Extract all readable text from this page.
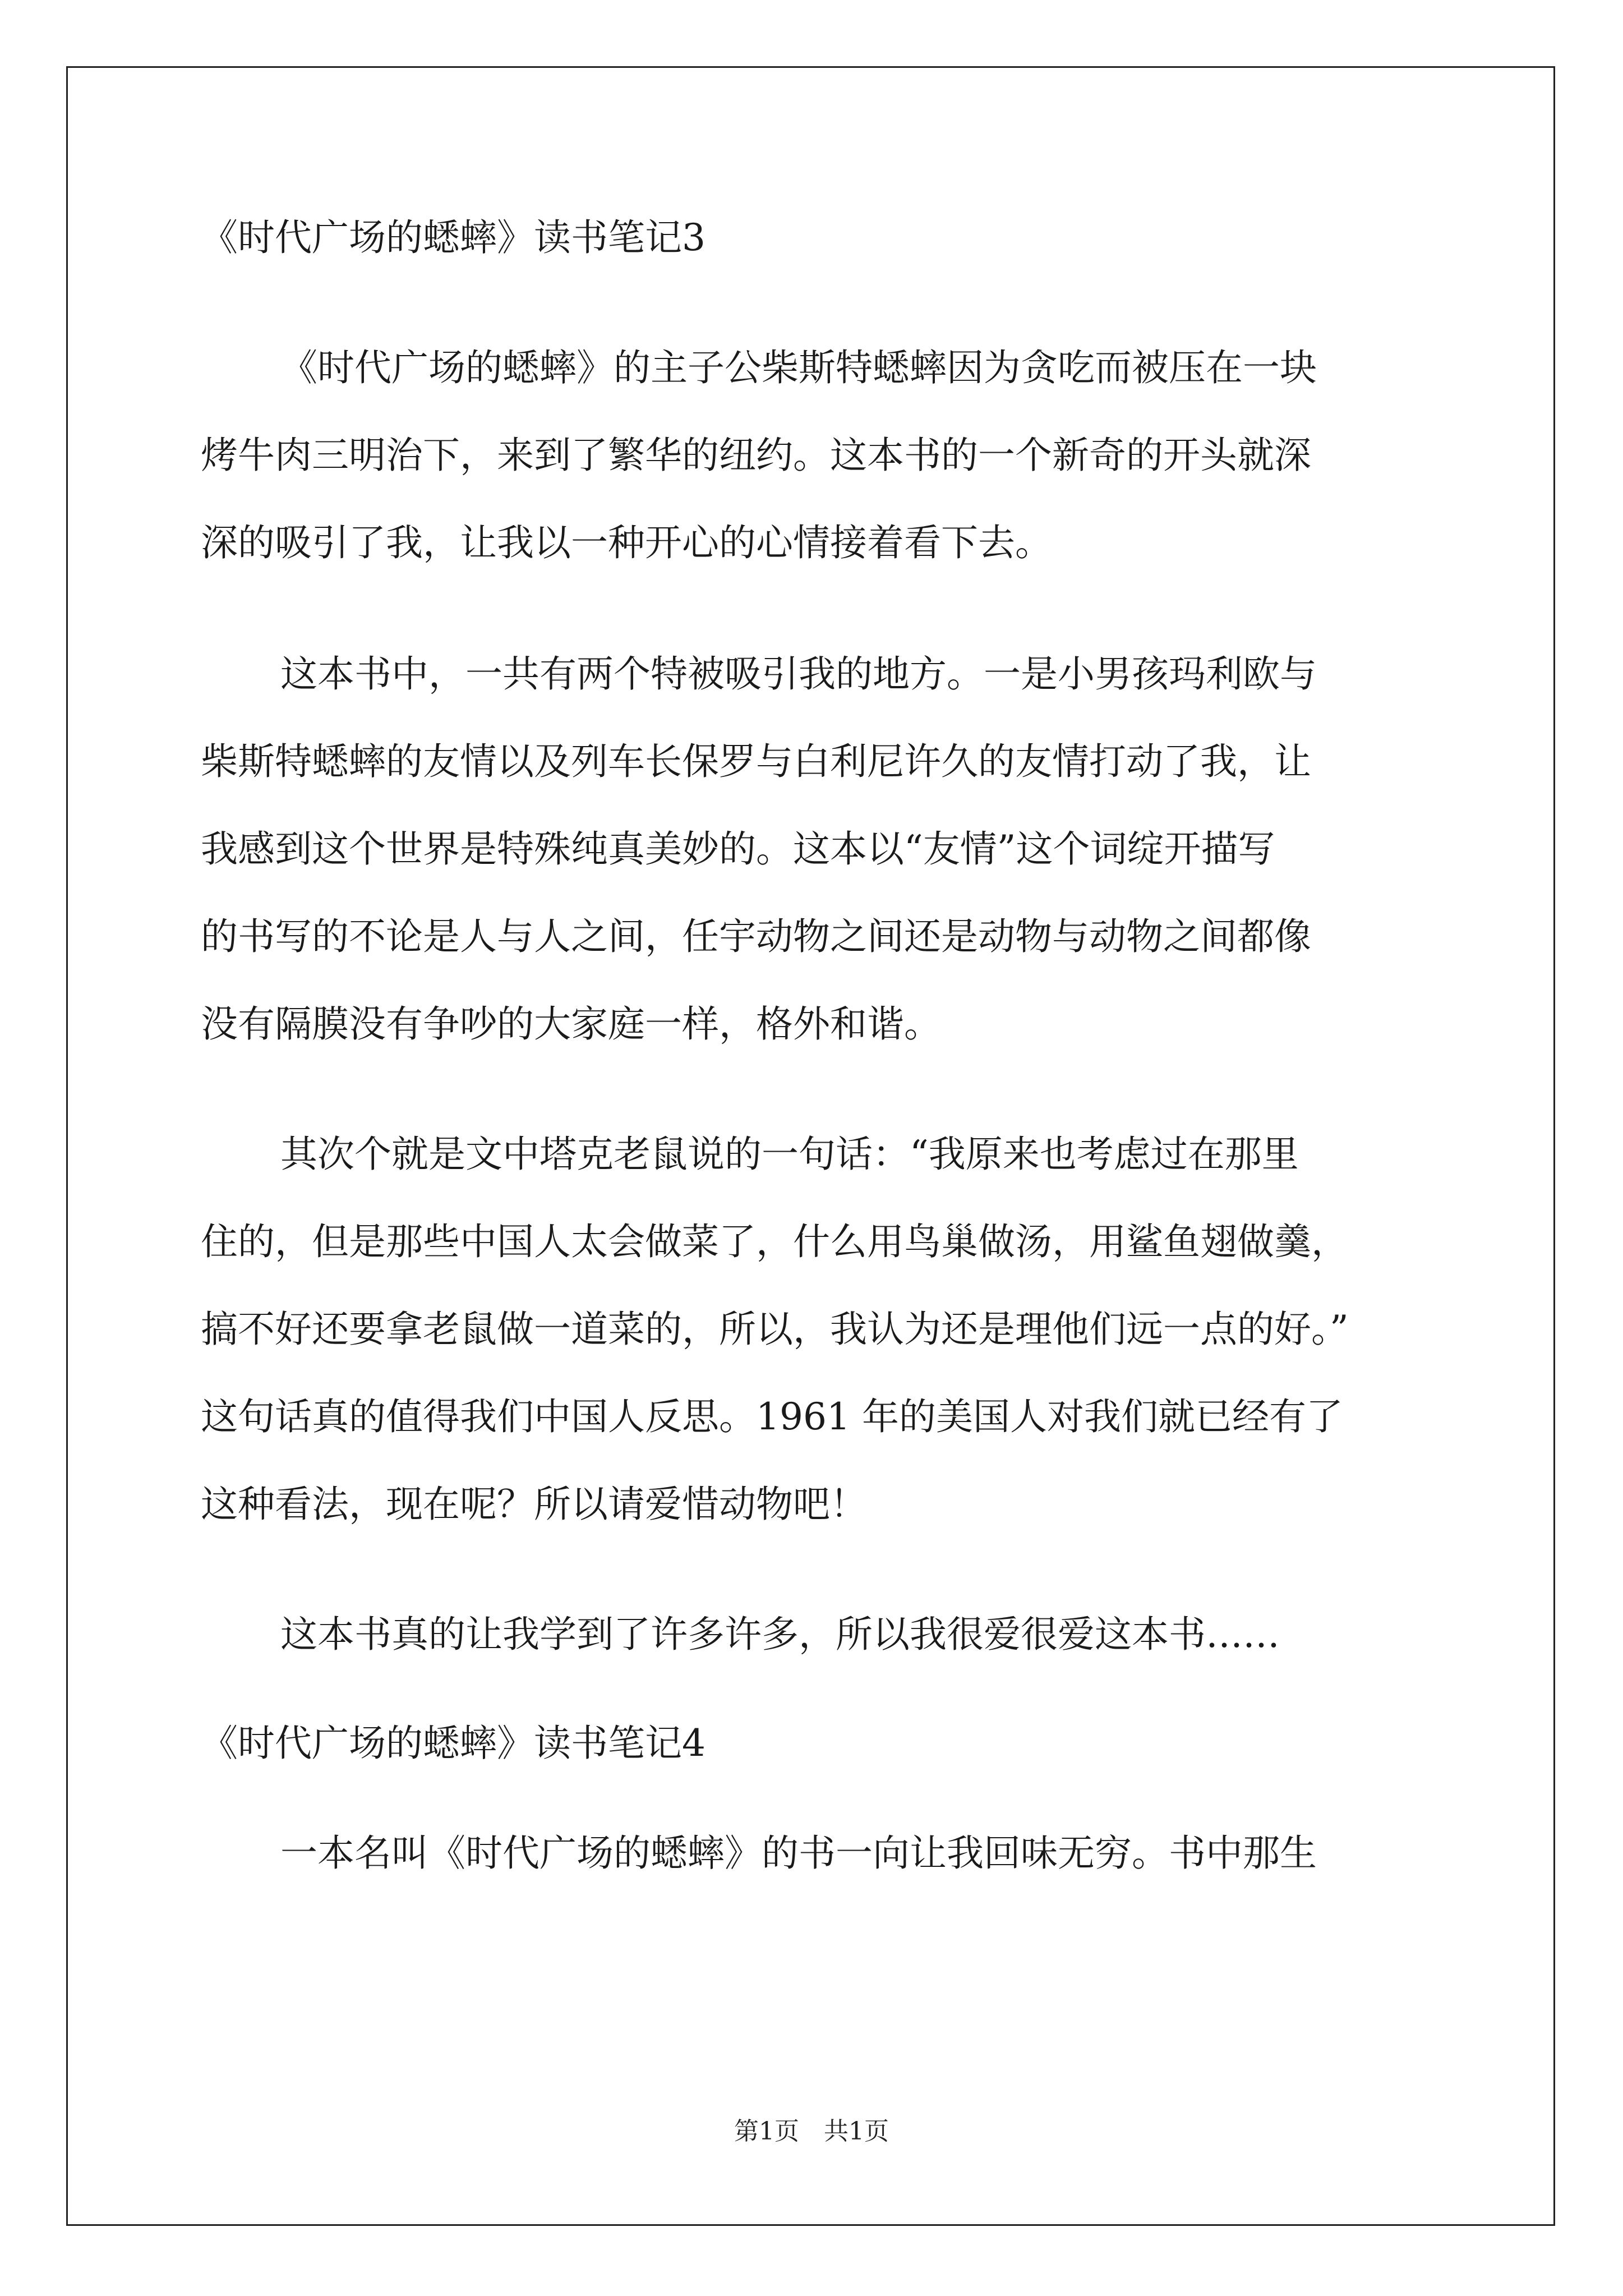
《时代广场的蟋蟀》读书笔记3
《时代广场的蟋蟀》的主子公柴斯特蟋蟀因为贪吃而被压在一块
烤牛肉三明治下，来到了繁华的纽约。这本书的一个新奇的开头就深
深的吸引了我，让我以一种开心的心情接着看下去。
这本书中，一共有两个特被吸引我的地方。一是小男孩玛利欧与
柴斯特蟋蟀的友情以及列车长保罗与白利尼许久的友情打动了我，让
我感到这个世界是特殊纯真美妙的。这本以“友情”这个词绽开描写
的书写的不论是人与人之间，任宇动物之间还是动物与动物之间都像
没有隔膜没有争吵的大家庭一样，格外和谐。
其次个就是文中塔克老鼠说的一句话：“我原来也考虑过在那里
住的，但是那些中国人太会做菜了，什么用鸟巢做汤，用鲨鱼翅做羹，
搞不好还要拿老鼠做一道菜的，所以，我认为还是理他们远一点的好。”
这句话真的值得我们中国人反思。1961 年的美国人对我们就已经有了
这种看法，现在呢？所以请爱惜动物吧！
这本书真的让我学到了许多许多，所以我很爱很爱这本书……
《时代广场的蟋蟀》读书笔记4
一本名叫《时代广场的蟋蟀》的书一向让我回味无穷。书中那生
第1页　共1页
